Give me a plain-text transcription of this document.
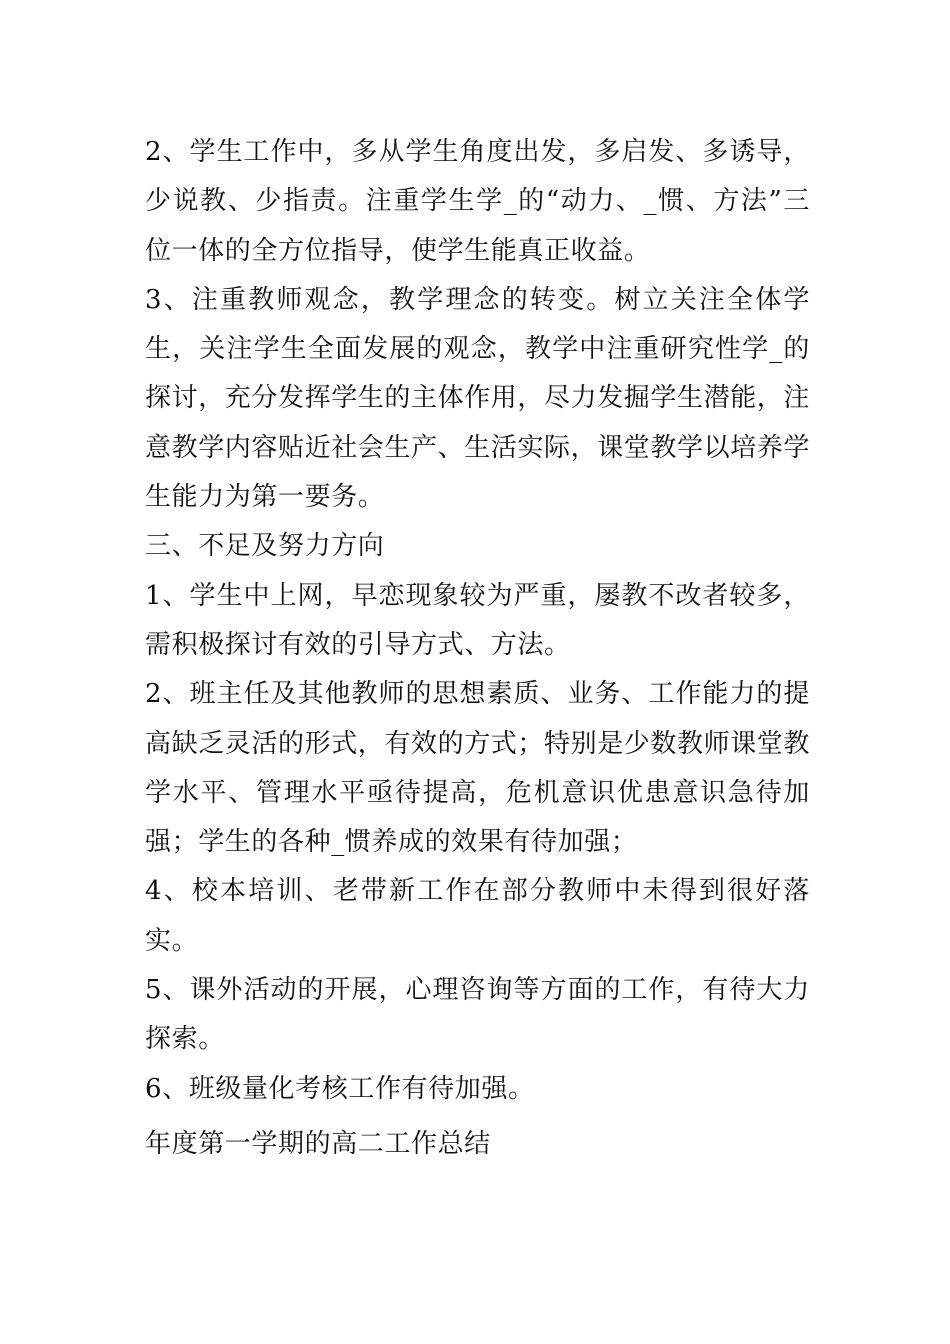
2、学生工作中，多从学生角度出发，多启发、多诱导，少说教、少指责。注重学生学_的“动力、_惯、方法”三位一体的全方位指导，使学生能真正收益。

3、注重教师观念，教学理念的转变。树立关注全体学生，关注学生全面发展的观念，教学中注重研究性学_的探讨，充分发挥学生的主体作用，尽力发掘学生潜能，注意教学内容贴近社会生产、生活实际，课堂教学以培养学生能力为第一要务。

三、不足及努力方向

1、学生中上网，早恋现象较为严重，屡教不改者较多，需积极探讨有效的引导方式、方法。

2、班主任及其他教师的思想素质、业务、工作能力的提高缺乏灵活的形式，有效的方式；特别是少数教师课堂教学水平、管理水平亟待提高，危机意识优患意识急待加强；学生的各种_惯养成的效果有待加强；

4、校本培训、老带新工作在部分教师中未得到很好落实。

5、课外活动的开展，心理咨询等方面的工作，有待大力探索。

6、班级量化考核工作有待加强。

年度第一学期的高二工作总结
